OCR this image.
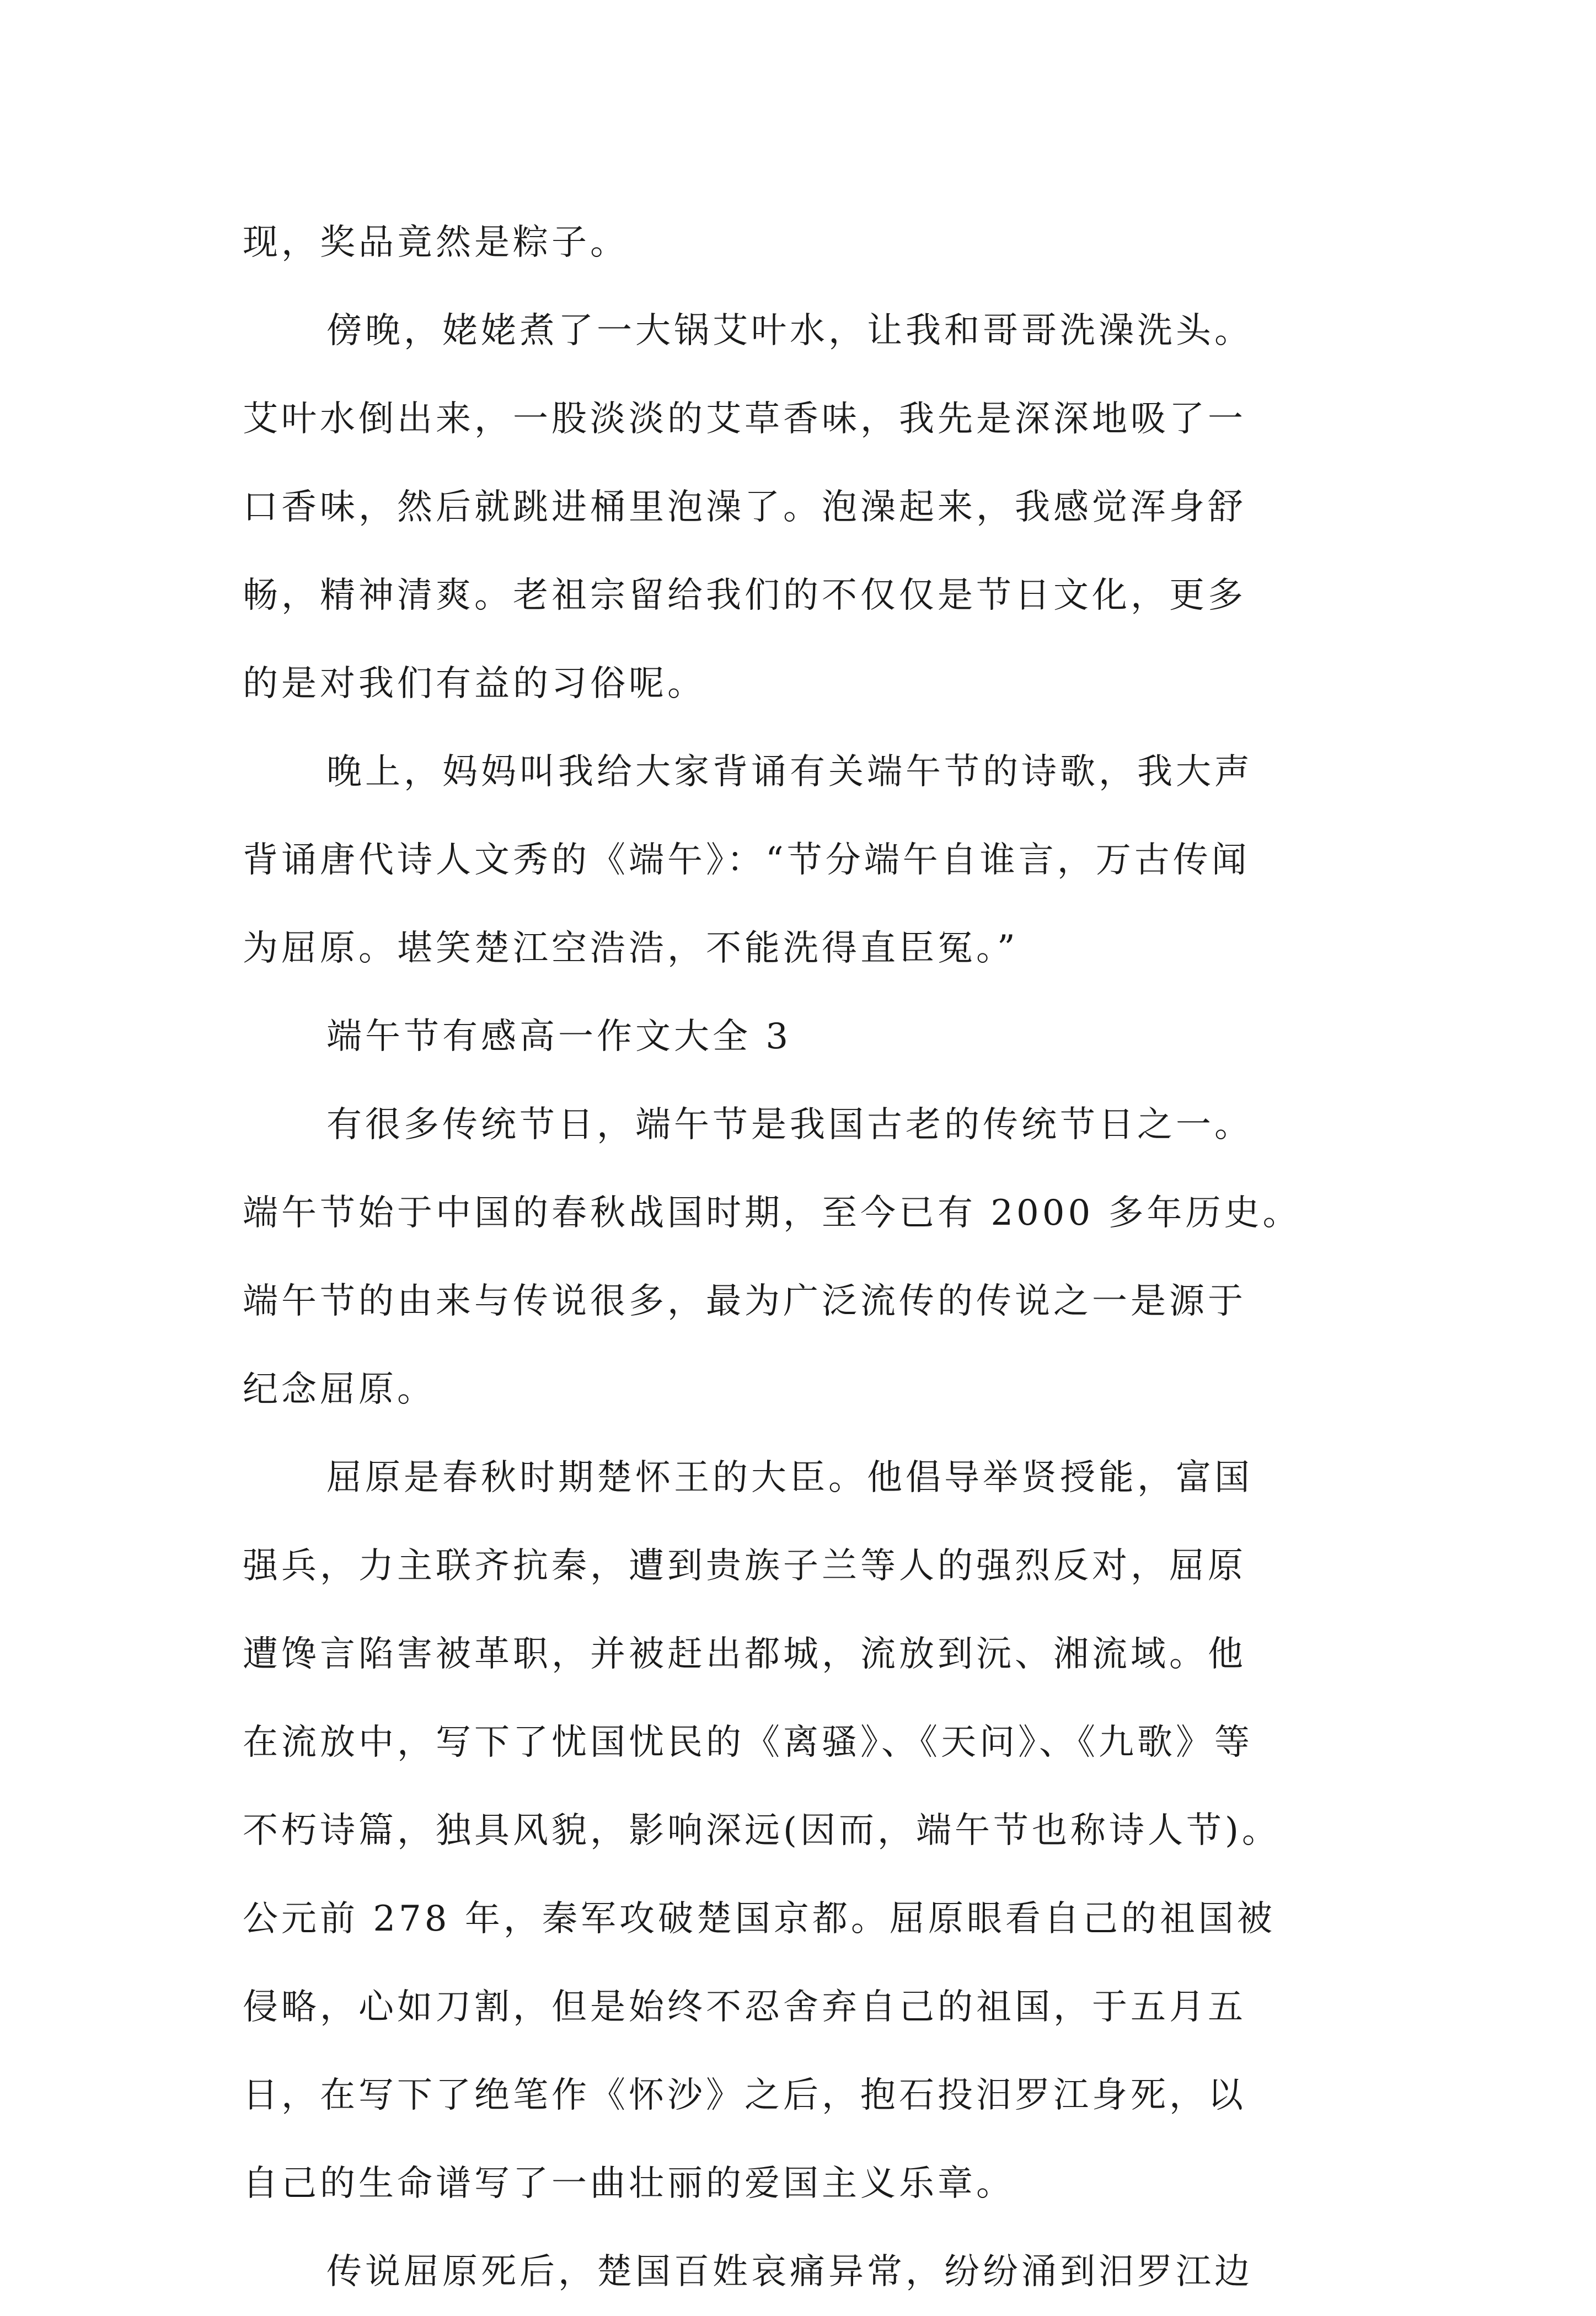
现，奖品竟然是粽子。
傍晚，姥姥煮了一大锅艾叶水，让我和哥哥洗澡洗头。
艾叶水倒出来，一股淡淡的艾草香味，我先是深深地吸了一
口香味，然后就跳进桶里泡澡了。泡澡起来，我感觉浑身舒
畅，精神清爽。老祖宗留给我们的不仅仅是节日文化，更多
的是对我们有益的习俗呢。
晚上，妈妈叫我给大家背诵有关端午节的诗歌，我大声
背诵唐代诗人文秀的《端午》：“节分端午自谁言，万古传闻
为屈原。堪笑楚江空浩浩，不能洗得直臣冤。”
端午节有感高一作文大全 3
有很多传统节日，端午节是我国古老的传统节日之一。
端午节始于中国的春秋战国时期，至今已有 2000 多年历史。
端午节的由来与传说很多，最为广泛流传的传说之一是源于
纪念屈原。
屈原是春秋时期楚怀王的大臣。他倡导举贤授能，富国
强兵，力主联齐抗秦，遭到贵族子兰等人的强烈反对，屈原
遭馋言陷害被革职，并被赶出都城，流放到沅、湘流域。他
在流放中，写下了忧国忧民的《离骚》、《天问》、《九歌》等
不朽诗篇，独具风貌，影响深远(因而，端午节也称诗人节)。
公元前 278 年，秦军攻破楚国京都。屈原眼看自己的祖国被
侵略，心如刀割，但是始终不忍舍弃自己的祖国，于五月五
日，在写下了绝笔作《怀沙》之后，抱石投汨罗江身死，以
自己的生命谱写了一曲壮丽的爱国主义乐章。
传说屈原死后，楚国百姓哀痛异常，纷纷涌到汨罗江边
